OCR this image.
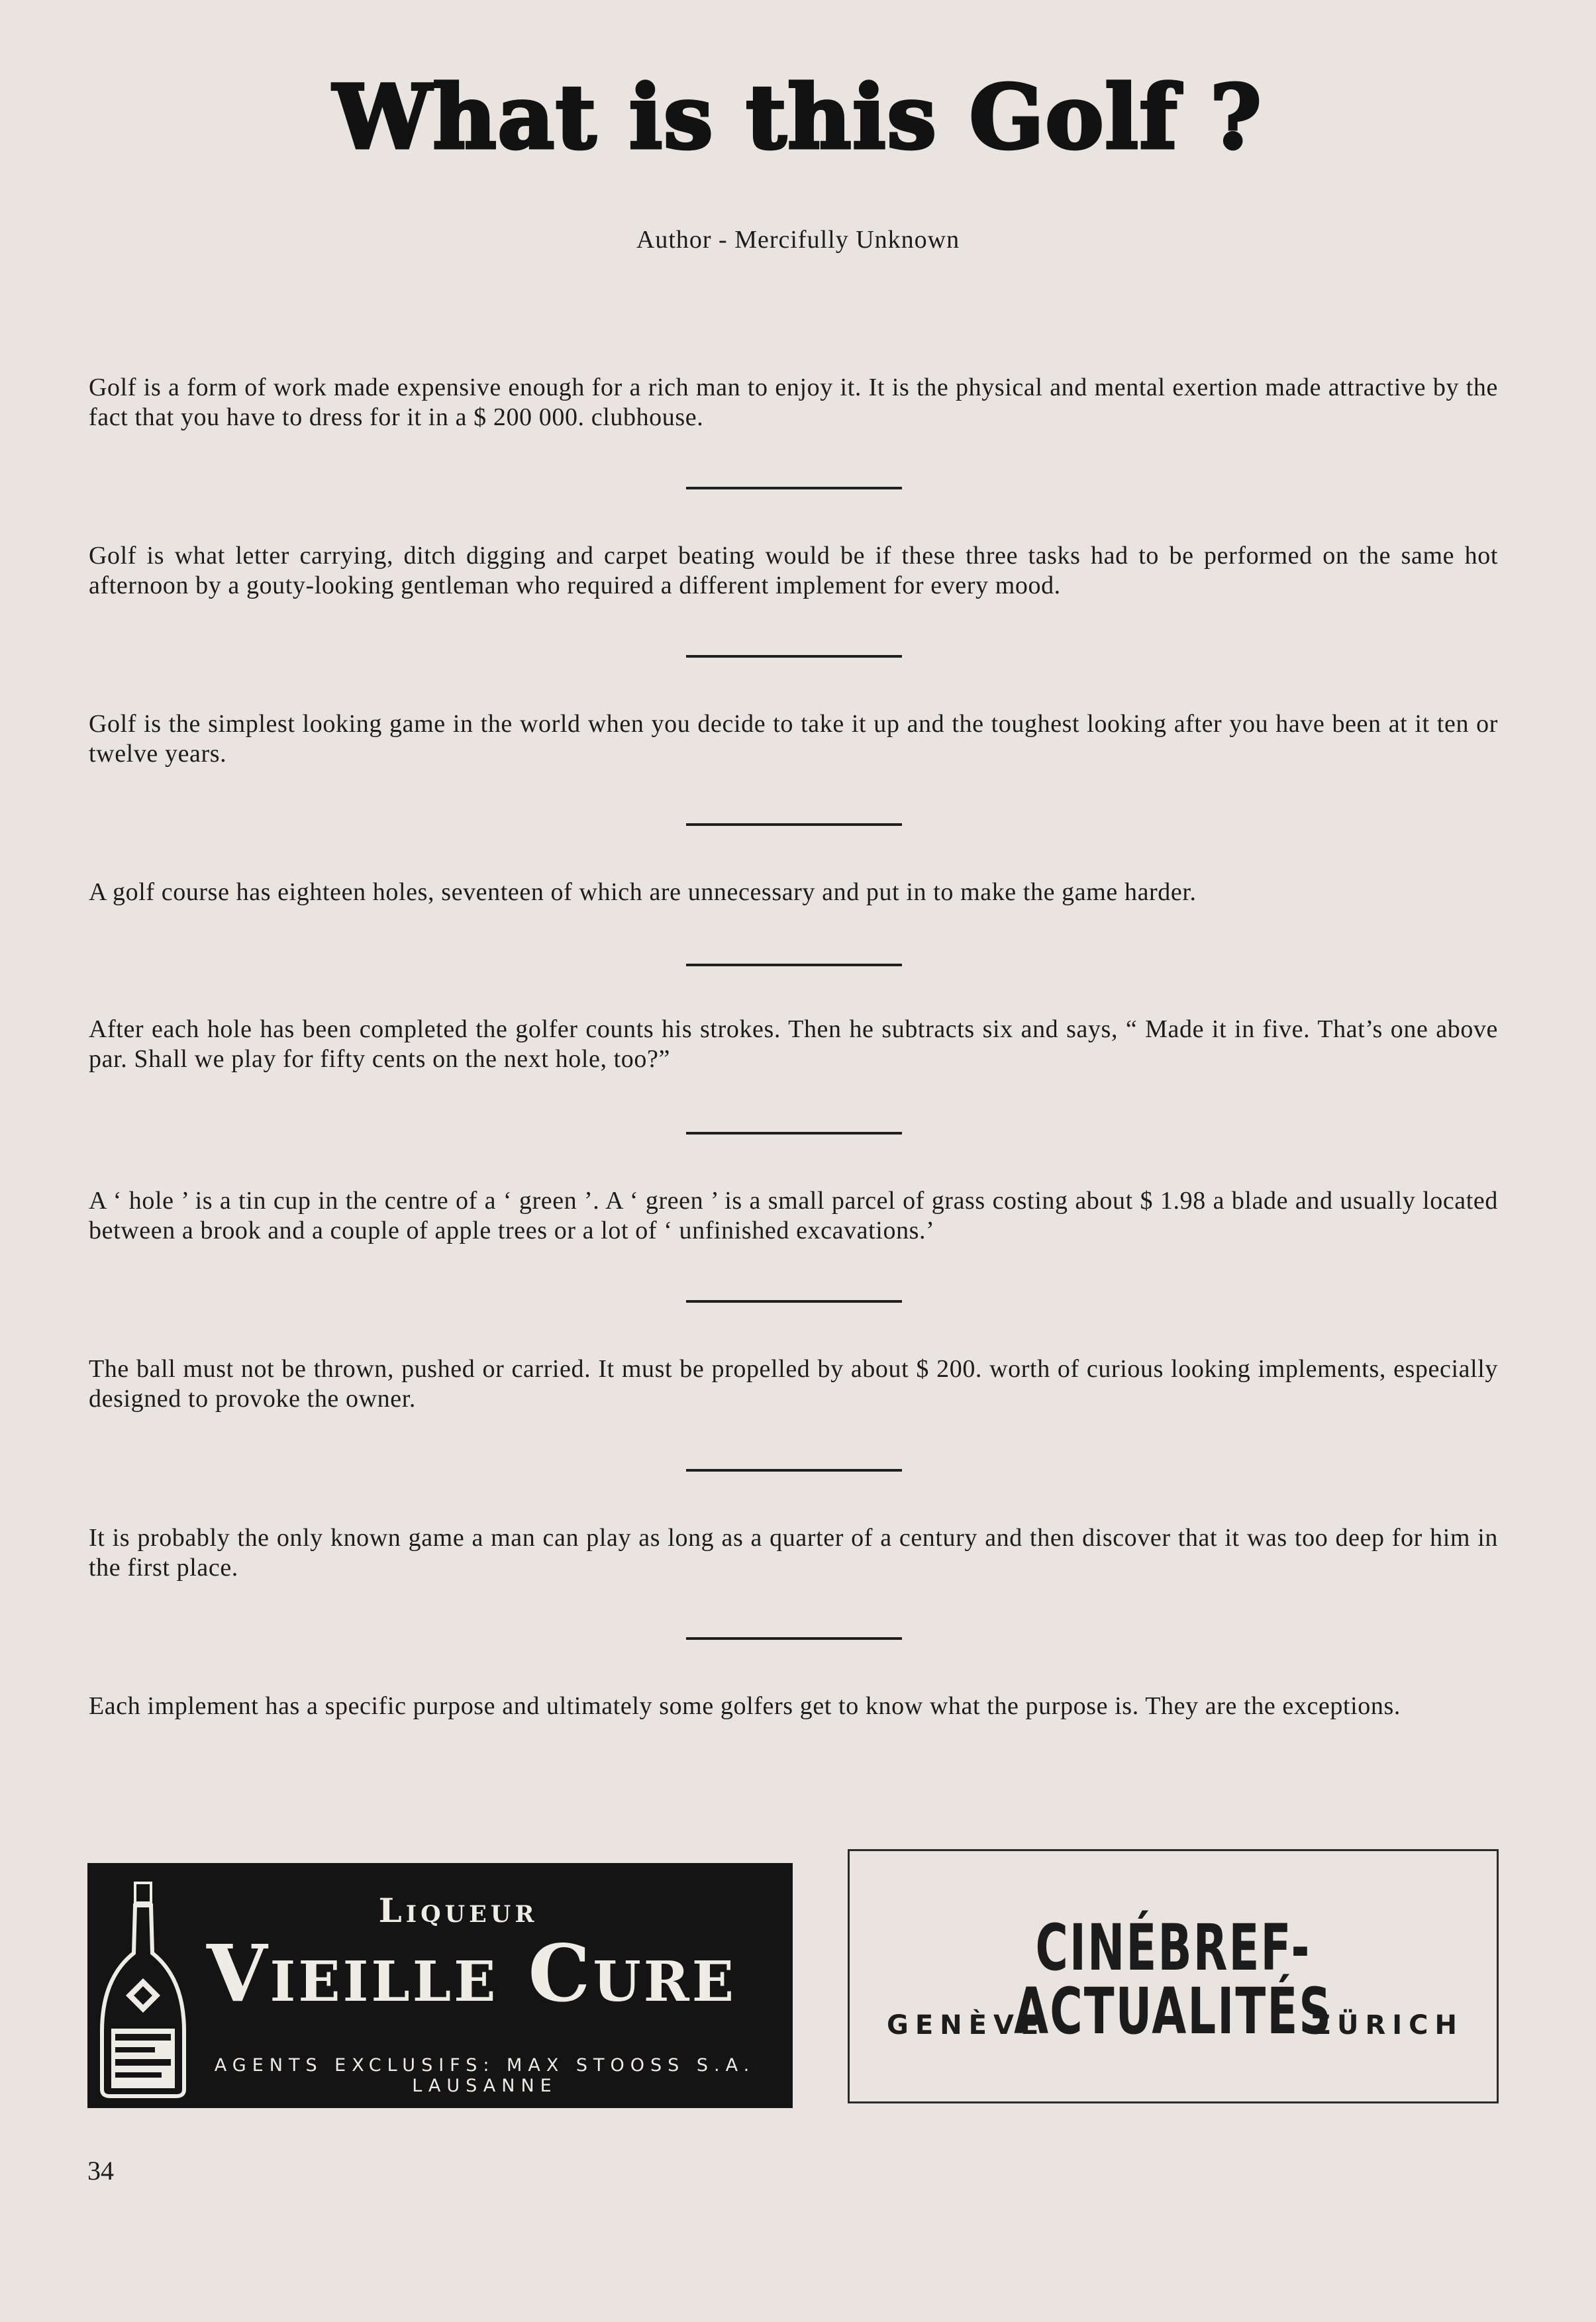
What is this Golf ?
Author - Mercifully Unknown

Golf is a form of work made expensive enough for a rich man to enjoy it. It is the physical and mental exertion made attractive by the fact that you have to dress for it in a $ 200 000. clubhouse.

Golf is what letter carrying, ditch digging and carpet beating would be if these three tasks had to be performed on the same hot afternoon by a gouty-looking gentleman who required a different implement for every mood.

Golf is the simplest looking game in the world when you decide to take it up and the toughest looking after you have been at it ten or twelve years.

A golf course has eighteen holes, seventeen of which are unnecessary and put in to make the game harder.

After each hole has been completed the golfer counts his strokes. Then he subtracts six and says, “ Made it in five. That’s one above par. Shall we play for fifty cents on the next hole, too?”

A ‘ hole ’ is a tin cup in the centre of a ‘ green ’. A ‘ green ’ is a small parcel of grass costing about $ 1.98 a blade and usually located between a brook and a couple of apple trees or a lot of ‘ unfinished excavations.’

The ball must not be thrown, pushed or carried. It must be propelled by about $ 200. worth of curious looking implements, especially designed to provoke the owner.

It is probably the only known game a man can play as long as a quarter of a century and then discover that it was too deep for him in the first place.

Each implement has a specific purpose and ultimately some golfers get to know what the purpose is. They are the exceptions.

Liqueur
Vieille Cure
AGENTS EXCLUSIFS: MAX STOOSS S.A. LAUSANNE
CINÉBREF-ACTUALITÉS
GENÈVE	ZÜRICH
34
